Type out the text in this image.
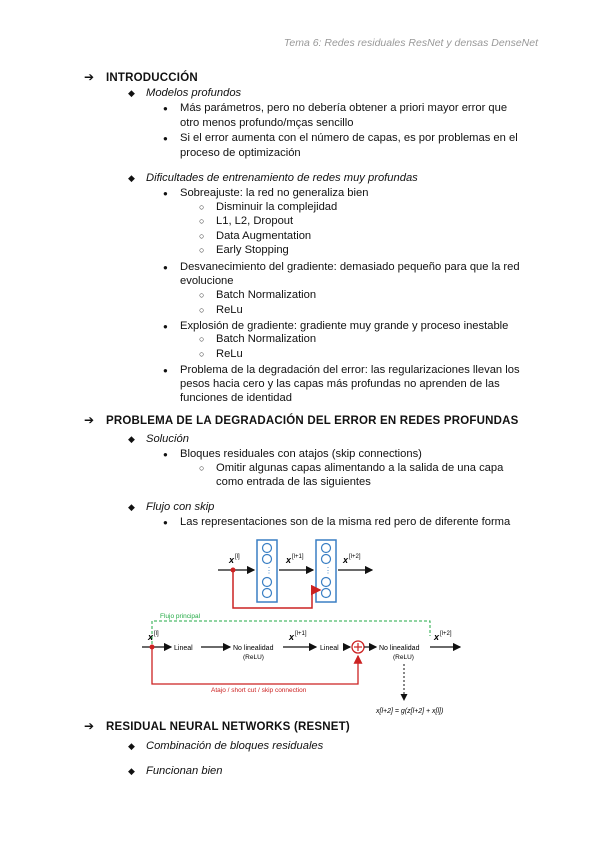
Tema 6: Redes residuales ResNet y densas DenseNet
➔ INTRODUCCIÓN
◆ Modelos profundos
● Más parámetros, pero no debería obtener a priori mayor error que
otro menos profundo/mças sencillo
● Si el error aumenta con el número de capas, es por problemas en el
proceso de optimización
◆ Dificultades de entrenamiento de redes muy profundas
● Sobreajuste: la red no generaliza bien
○ Disminuir la complejidad
○ L1, L2, Dropout
○ Data Augmentation
○ Early Stopping
● Desvanecimiento del gradiente: demasiado pequeño para que la red
evolucione
○ Batch Normalization
○ ReLu
● Explosión de gradiente: gradiente muy grande y proceso inestable
○ Batch Normalization
○ ReLu
● Problema de la degradación del error: las regularizaciones llevan los
pesos hacia cero y las capas más profundas no aprenden de las
funciones de identidad
➔ PROBLEMA DE LA DEGRADACIÓN DEL ERROR EN REDES PROFUNDAS
◆ Solución
● Bloques residuales con atajos (skip connections)
○ Omitir algunas capas alimentando a la salida de una capa
como entrada de las siguientes
◆ Flujo con skip
● Las representaciones son de la misma red pero de diferente forma
x [l]
⋮
x [l+1]
⋮
x [l+2]
Flujo principal
x [l]
Lineal	No linealidad
(ReLU)
x [l+1]
Lineal	No linealidad
(ReLU)
x [l+2]
Atajo / short cut / skip connection
x[l+2] = g(z[l+2] + x[l])
➔ RESIDUAL NEURAL NETWORKS (RESNET)
◆ Combinación de bloques residuales
◆ Funcionan bien
